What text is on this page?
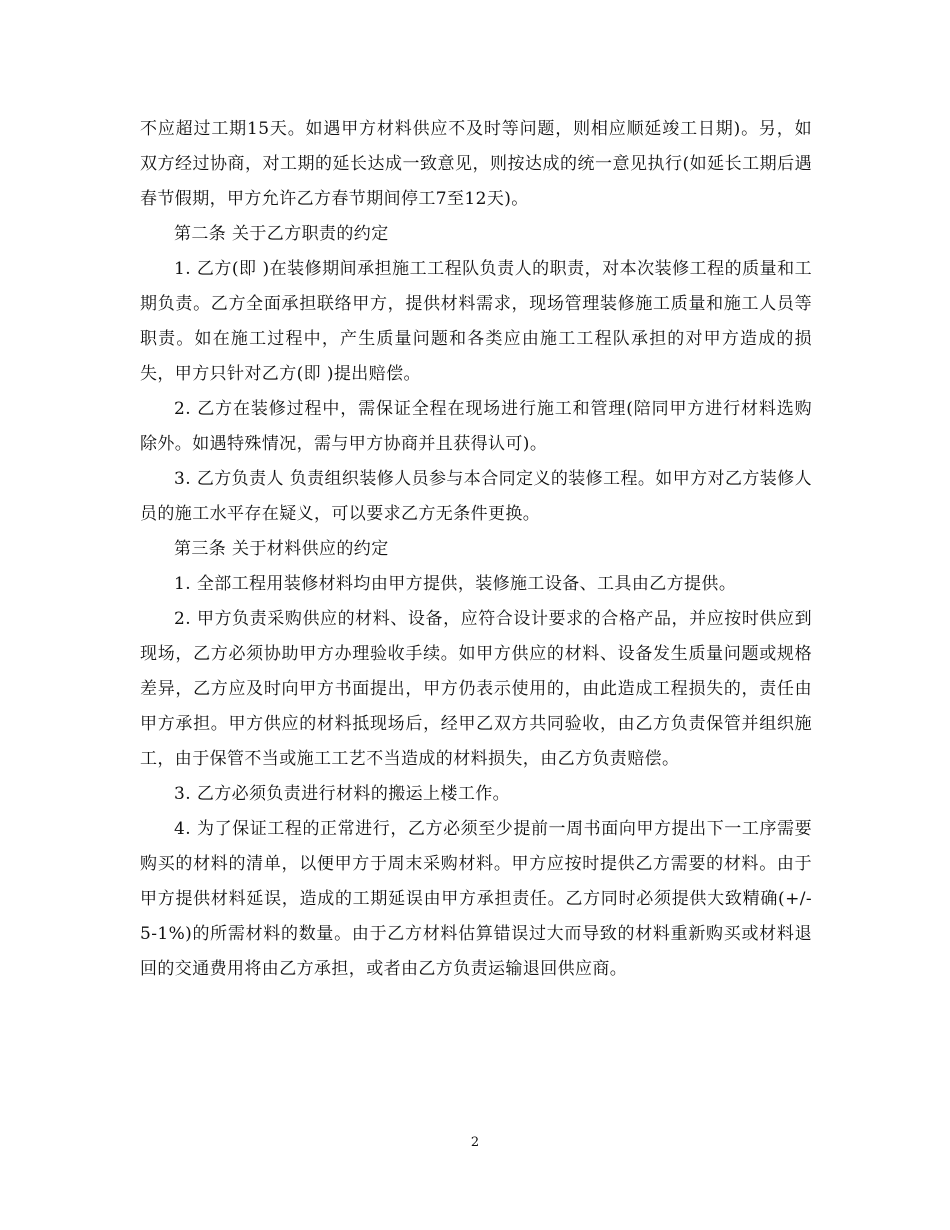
不应超过工期15天。如遇甲方材料供应不及时等问题，则相应顺延竣工日期)。另，如双方经过协商，对工期的延长达成一致意见，则按达成的统一意见执行(如延长工期后遇春节假期，甲方允许乙方春节期间停工7至12天)。

第二条 关于乙方职责的约定

1. 乙方(即 )在装修期间承担施工工程队负责人的职责，对本次装修工程的质量和工期负责。乙方全面承担联络甲方，提供材料需求，现场管理装修施工质量和施工人员等职责。如在施工过程中，产生质量问题和各类应由施工工程队承担的对甲方造成的损失，甲方只针对乙方(即 )提出赔偿。

2. 乙方在装修过程中，需保证全程在现场进行施工和管理(陪同甲方进行材料选购除外。如遇特殊情况，需与甲方协商并且获得认可)。

3. 乙方负责人 负责组织装修人员参与本合同定义的装修工程。如甲方对乙方装修人员的施工水平存在疑义，可以要求乙方无条件更换。

第三条 关于材料供应的约定

1. 全部工程用装修材料均由甲方提供，装修施工设备、工具由乙方提供。

2. 甲方负责采购供应的材料、设备，应符合设计要求的合格产品，并应按时供应到现场，乙方必须协助甲方办理验收手续。如甲方供应的材料、设备发生质量问题或规格差异，乙方应及时向甲方书面提出，甲方仍表示使用的，由此造成工程损失的，责任由甲方承担。甲方供应的材料抵现场后，经甲乙双方共同验收，由乙方负责保管并组织施工，由于保管不当或施工工艺不当造成的材料损失，由乙方负责赔偿。

3. 乙方必须负责进行材料的搬运上楼工作。

4. 为了保证工程的正常进行，乙方必须至少提前一周书面向甲方提出下一工序需要购买的材料的清单，以便甲方于周末采购材料。甲方应按时提供乙方需要的材料。由于甲方提供材料延误，造成的工期延误由甲方承担责任。乙方同时必须提供大致精确(+/- 5-1%)的所需材料的数量。由于乙方材料估算错误过大而导致的材料重新购买或材料退回的交通费用将由乙方承担，或者由乙方负责运输退回供应商。

2
